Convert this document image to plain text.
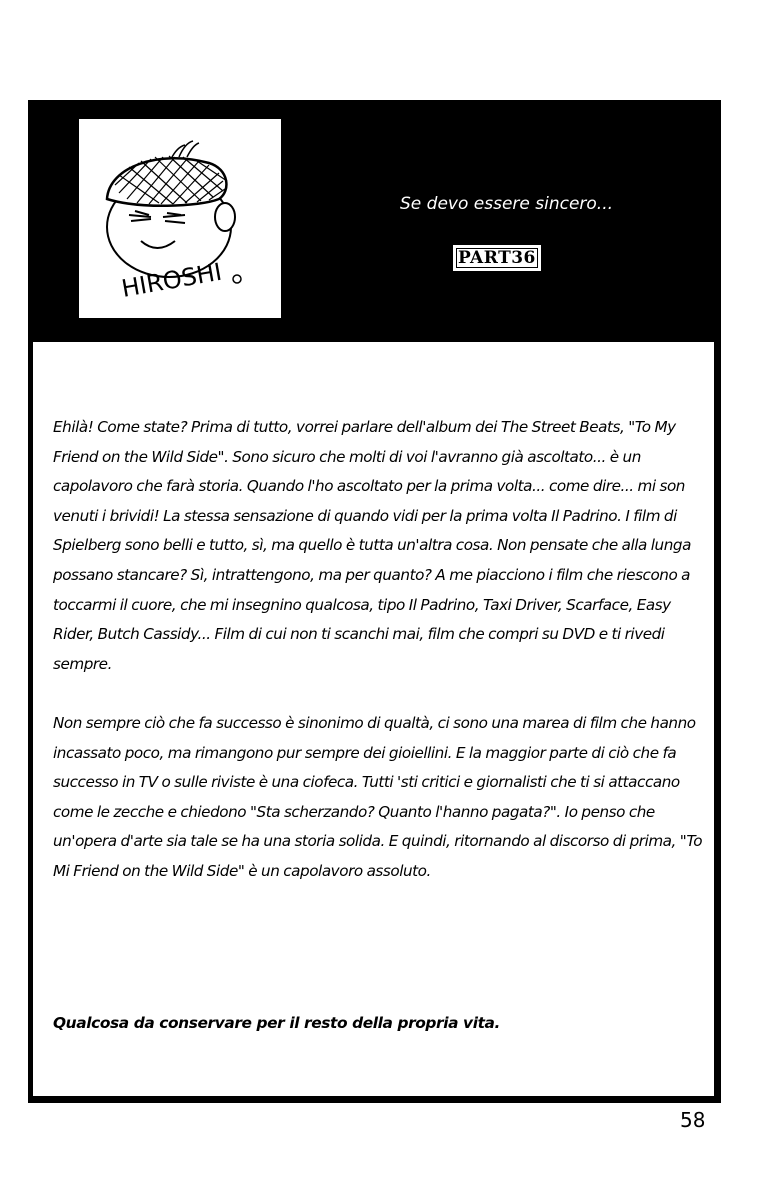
HIROSHI
Se devo essere sincero...
PART36

Ehilà! Come state? Prima di tutto, vorrei parlare dell'album dei The Street Beats, "To My Friend on the Wild Side". Sono sicuro che molti di voi l'avranno già ascoltato... è un capolavoro che farà storia. Quando l'ho ascoltato per la prima volta... come dire... mi son venuti i brividi! La stessa sensazione di quando vidi per la prima volta Il Padrino. I film di Spielberg sono belli e tutto, sì, ma quello è tutta un'altra cosa. Non pensate che alla lunga possano stancare? Sì, intrattengono, ma per quanto? A me piacciono i film che riescono a toccarmi il cuore, che mi insegnino qualcosa, tipo Il Padrino, Taxi Driver, Scarface, Easy Rider, Butch Cassidy... Film di cui non ti scanchi mai, film che compri su DVD e ti rivedi sempre.

Non sempre ciò che fa successo è sinonimo di qualtà, ci sono una marea di film che hanno incassato poco, ma rimangono pur sempre dei gioiellini. E la maggior parte di ciò che fa successo in TV o sulle riviste è una ciofeca. Tutti 'sti critici e giornalisti che ti si attaccano come le zecche e chiedono "Sta scherzando? Quanto l'hanno pagata?". Io penso che un'opera d'arte sia tale se ha una storia solida. E quindi, ritornando al discorso di prima, "To Mi Friend on the Wild Side" è un capolavoro assoluto.

Qualcosa da conservare per il resto della propria vita.
58
